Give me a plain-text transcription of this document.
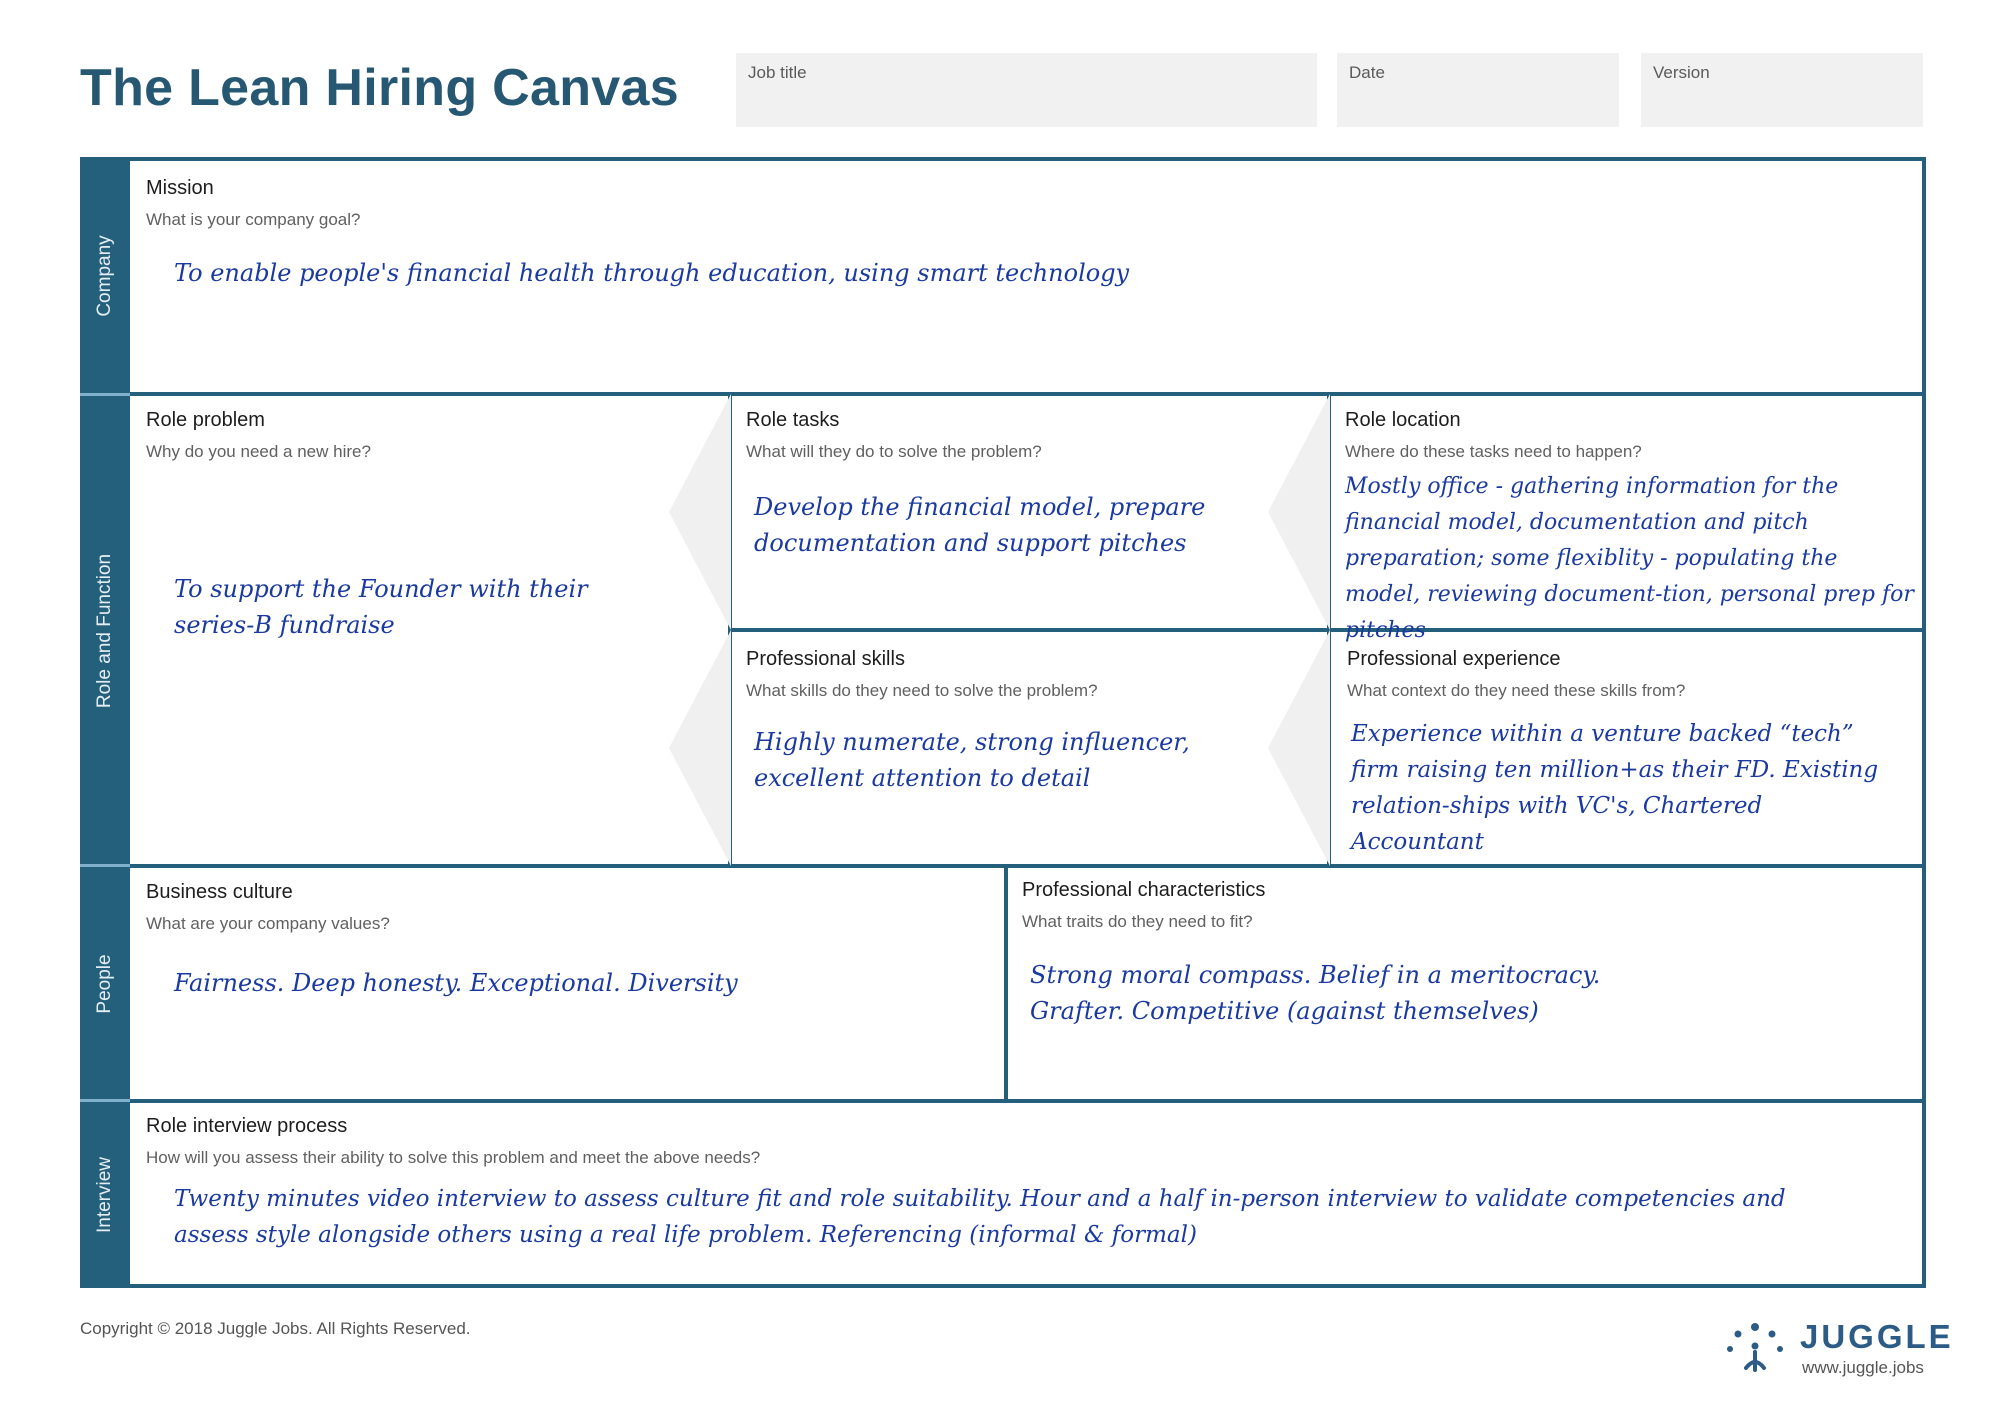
The Lean Hiring Canvas	Job title	Date	Version
Company
Role and Function
People
Interview
Mission
What is your company goal?
To enable people's financial health through education, using smart technology
Role problem
Why do you need a new hire?
To support the Founder with their series-B fundraise
Role tasks
What will they do to solve the problem?
Develop the financial model, prepare documentation and support pitches
Role location
Where do these tasks need to happen?
Mostly office - gathering information for the financial model, documentation and pitch preparation; some flexiblity - populating the model, reviewing document-tion, personal prep for pitches
Professional skills
What skills do they need to solve the problem?
Highly numerate, strong influencer, excellent attention to detail
Professional experience
What context do they need these skills from?
Experience within a venture backed “tech” firm raising ten million+as their FD. Existing relation-ships with VC's, Chartered Accountant
Business culture
What are your company values?
Fairness. Deep honesty. Exceptional. Diversity
Professional characteristics
What traits do they need to fit?
Strong moral compass. Belief in a meritocracy. Grafter. Competitive (against themselves)
Role interview process
How will you assess their ability to solve this problem and meet the above needs?
Twenty minutes video interview to assess culture fit and role suitability. Hour and a half in-person interview to validate competencies and assess style alongside others using a real life problem. Referencing (informal & formal)
Copyright © 2018 Juggle Jobs. All Rights Reserved.	JUGGLE
www.juggle.jobs
